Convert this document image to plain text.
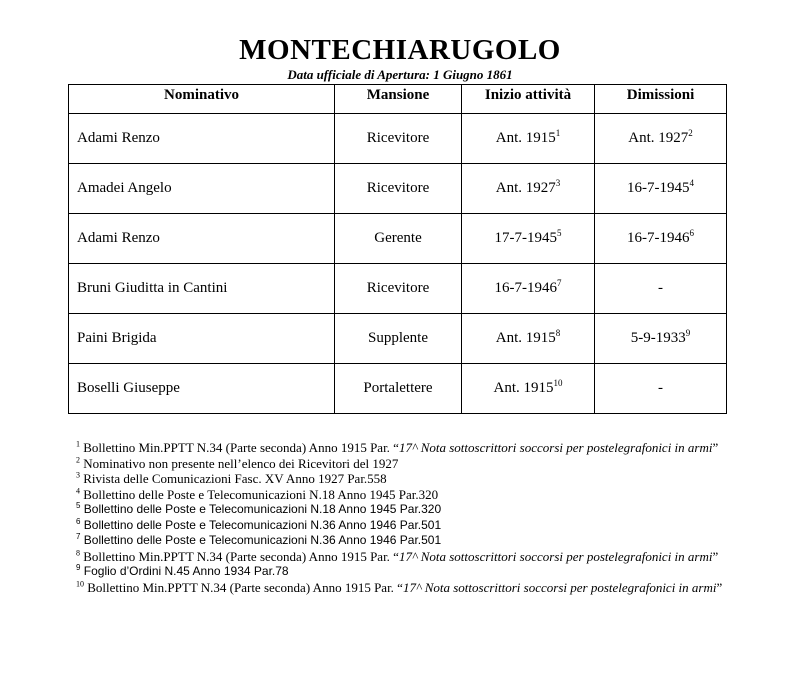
MONTECHIARUGOLO
Data ufficiale di Apertura: 1 Giugno 1861
Nominativo	Mansione	Inizio attività	Dimissioni
Adami Renzo	Ricevitore	Ant. 1915$^1$	Ant. 1927$^2$
Amadei Angelo	Ricevitore	Ant. 1927$^3$	16-7-1945$^4$
Adami Renzo	Gerente	17-7-1945$^5$	16-7-1946$^6$
Bruni Giuditta in Cantini	Ricevitore	16-7-1946$^7$	-
Paini Brigida	Supplente	Ant. 1915$^8$	5-9-1933$^9$
Boselli Giuseppe	Portalettere	Ant. 1915$^{10}$	-

$^1$ Bollettino Min.PPTT N.34 (Parte seconda) Anno 1915 Par. “17^ Nota sottoscrittori soccorsi per postelegrafonici in armi”

$^2$ Nominativo non presente nell’elenco dei Ricevitori del 1927

$^3$ Rivista delle Comunicazioni Fasc. XV Anno 1927 Par.558

$^4$ Bollettino delle Poste e Telecomunicazioni N.18 Anno 1945 Par.320

$^5$ Bollettino delle Poste e Telecomunicazioni N.18 Anno 1945 Par.320

$^6$ Bollettino delle Poste e Telecomunicazioni N.36 Anno 1946 Par.501

$^7$ Bollettino delle Poste e Telecomunicazioni N.36 Anno 1946 Par.501

$^8$ Bollettino Min.PPTT N.34 (Parte seconda) Anno 1915 Par. “17^ Nota sottoscrittori soccorsi per postelegrafonici in armi”

$^9$ Foglio d’Ordini N.45 Anno 1934 Par.78

$^{10}$ Bollettino Min.PPTT N.34 (Parte seconda) Anno 1915 Par. “17^ Nota sottoscrittori soccorsi per postelegrafonici in armi”
